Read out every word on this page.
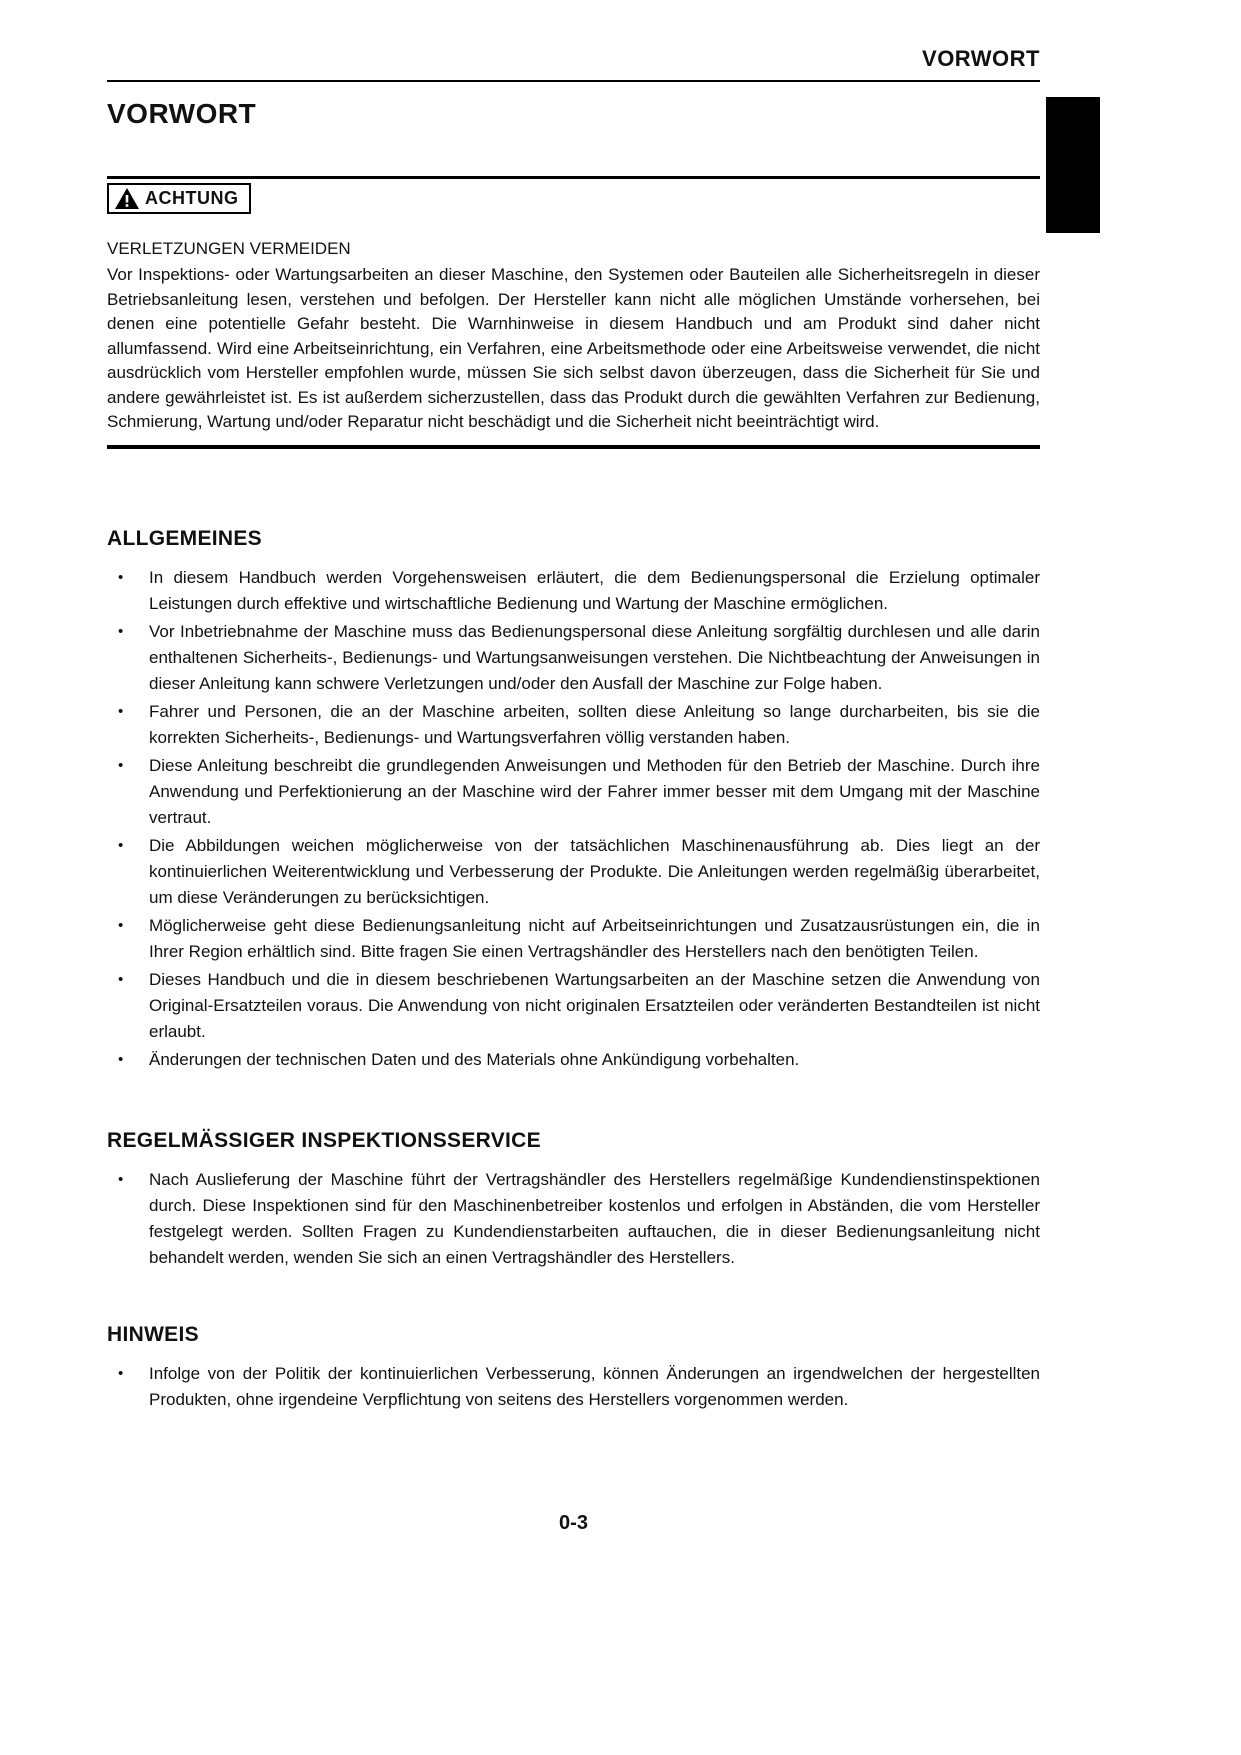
VORWORT
VORWORT
ACHTUNG

VERLETZUNGEN VERMEIDEN

Vor Inspektions- oder Wartungsarbeiten an dieser Maschine, den Systemen oder Bauteilen alle Sicherheitsregeln in dieser Betriebsanleitung lesen, verstehen und befolgen. Der Hersteller kann nicht alle möglichen Umstände vorhersehen, bei denen eine potentielle Gefahr besteht. Die Warnhinweise in diesem Handbuch und am Produkt sind daher nicht allumfassend. Wird eine Arbeitseinrichtung, ein Verfahren, eine Arbeitsmethode oder eine Arbeitsweise verwendet, die nicht ausdrücklich vom Hersteller empfohlen wurde, müssen Sie sich selbst davon überzeugen, dass die Sicherheit für Sie und andere gewährleistet ist. Es ist außerdem sicherzustellen, dass das Produkt durch die gewählten Verfahren zur Bedienung, Schmierung, Wartung und/oder Reparatur nicht beschädigt und die Sicherheit nicht beeinträchtigt wird.

ALLGEMEINES
• In diesem Handbuch werden Vorgehensweisen erläutert, die dem Bedienungspersonal die Erzielung optimaler Leistungen durch effektive und wirtschaftliche Bedienung und Wartung der Maschine ermöglichen.
• Vor Inbetriebnahme der Maschine muss das Bedienungspersonal diese Anleitung sorgfältig durchlesen und alle darin enthaltenen Sicherheits-, Bedienungs- und Wartungsanweisungen verstehen. Die Nichtbeachtung der Anweisungen in dieser Anleitung kann schwere Verletzungen und/oder den Ausfall der Maschine zur Folge haben.
• Fahrer und Personen, die an der Maschine arbeiten, sollten diese Anleitung so lange durcharbeiten, bis sie die korrekten Sicherheits-, Bedienungs- und Wartungsverfahren völlig verstanden haben.
• Diese Anleitung beschreibt die grundlegenden Anweisungen und Methoden für den Betrieb der Maschine. Durch ihre Anwendung und Perfektionierung an der Maschine wird der Fahrer immer besser mit dem Umgang mit der Maschine vertraut.
• Die Abbildungen weichen möglicherweise von der tatsächlichen Maschinenausführung ab. Dies liegt an der kontinuierlichen Weiterentwicklung und Verbesserung der Produkte. Die Anleitungen werden regelmäßig überarbeitet, um diese Veränderungen zu berücksichtigen.
• Möglicherweise geht diese Bedienungsanleitung nicht auf Arbeitseinrichtungen und Zusatzausrüstungen ein, die in Ihrer Region erhältlich sind. Bitte fragen Sie einen Vertragshändler des Herstellers nach den benötigten Teilen.
• Dieses Handbuch und die in diesem beschriebenen Wartungsarbeiten an der Maschine setzen die Anwendung von Original-Ersatzteilen voraus. Die Anwendung von nicht originalen Ersatzteilen oder veränderten Bestandteilen ist nicht erlaubt.
• Änderungen der technischen Daten und des Materials ohne Ankündigung vorbehalten.
REGELMÄSSIGER INSPEKTIONSSERVICE
• Nach Auslieferung der Maschine führt der Vertragshändler des Herstellers regelmäßige Kundendienstinspektionen durch. Diese Inspektionen sind für den Maschinenbetreiber kostenlos und erfolgen in Abständen, die vom Hersteller festgelegt werden. Sollten Fragen zu Kundendienstarbeiten auftauchen, die in dieser Bedienungsanleitung nicht behandelt werden, wenden Sie sich an einen Vertragshändler des Herstellers.
HINWEIS
• Infolge von der Politik der kontinuierlichen Verbesserung, können Änderungen an irgendwelchen der hergestellten Produkten, ohne irgendeine Verpflichtung von seitens des Herstellers vorgenommen werden.
0-3
